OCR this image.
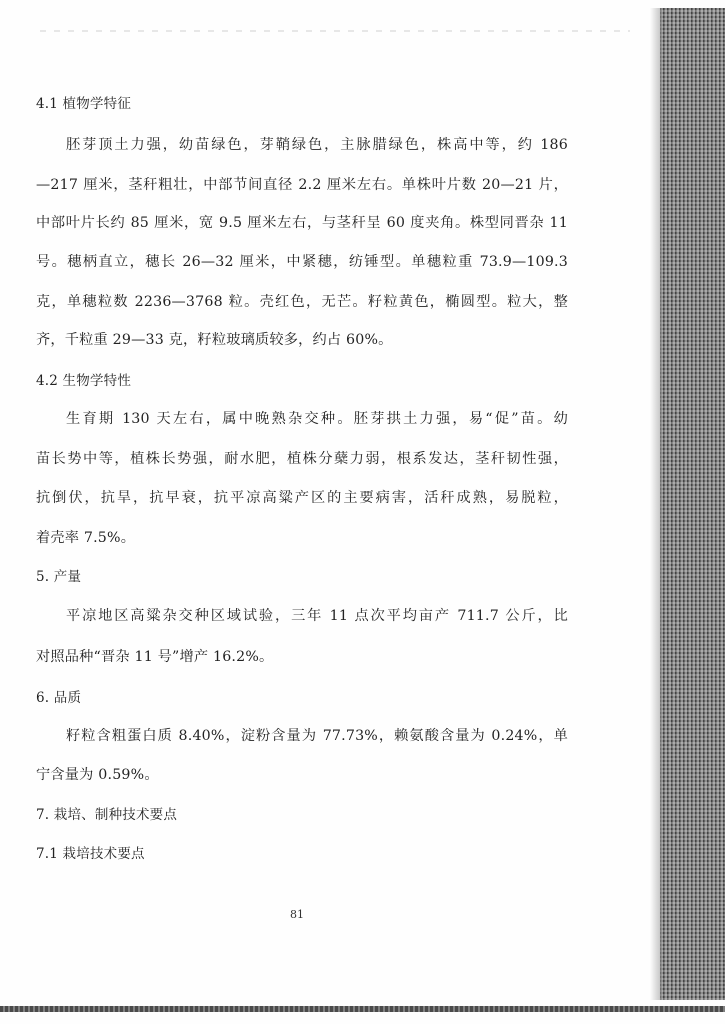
4.1 植物学特征
胚芽顶土力强，幼苗绿色，芽鞘绿色，主脉腊绿色，株高中等，约 186
—217 厘米，茎秆粗壮，中部节间直径 2.2 厘米左右。单株叶片数 20—21 片，
中部叶片长约 85 厘米，宽 9.5 厘米左右，与茎秆呈 60 度夹角。株型同晋杂 11
号。穗柄直立，穗长 26—32 厘米，中紧穗，纺锤型。单穗粒重 73.9—109.3
克，单穗粒数 2236—3768 粒。壳红色，无芒。籽粒黄色，椭圆型。粒大，整
齐，千粒重 29—33 克，籽粒玻璃质较多，约占 60%。
4.2 生物学特性
生育期 130 天左右，属中晚熟杂交种。胚芽拱土力强，易“促”苗。幼
苗长势中等，植株长势强，耐水肥，植株分蘖力弱，根系发达，茎秆韧性强，
抗倒伏，抗旱，抗早衰，抗平凉高粱产区的主要病害，活秆成熟，易脱粒，
着壳率 7.5%。
5. 产量
平凉地区高粱杂交种区域试验，三年 11 点次平均亩产 711.7 公斤，比
对照品种“晋杂 11 号”增产 16.2%。
6. 品质
籽粒含粗蛋白质 8.40%，淀粉含量为 77.73%，赖氨酸含量为 0.24%，单
宁含量为 0.59%。
7. 栽培、制种技术要点
7.1 栽培技术要点
81
